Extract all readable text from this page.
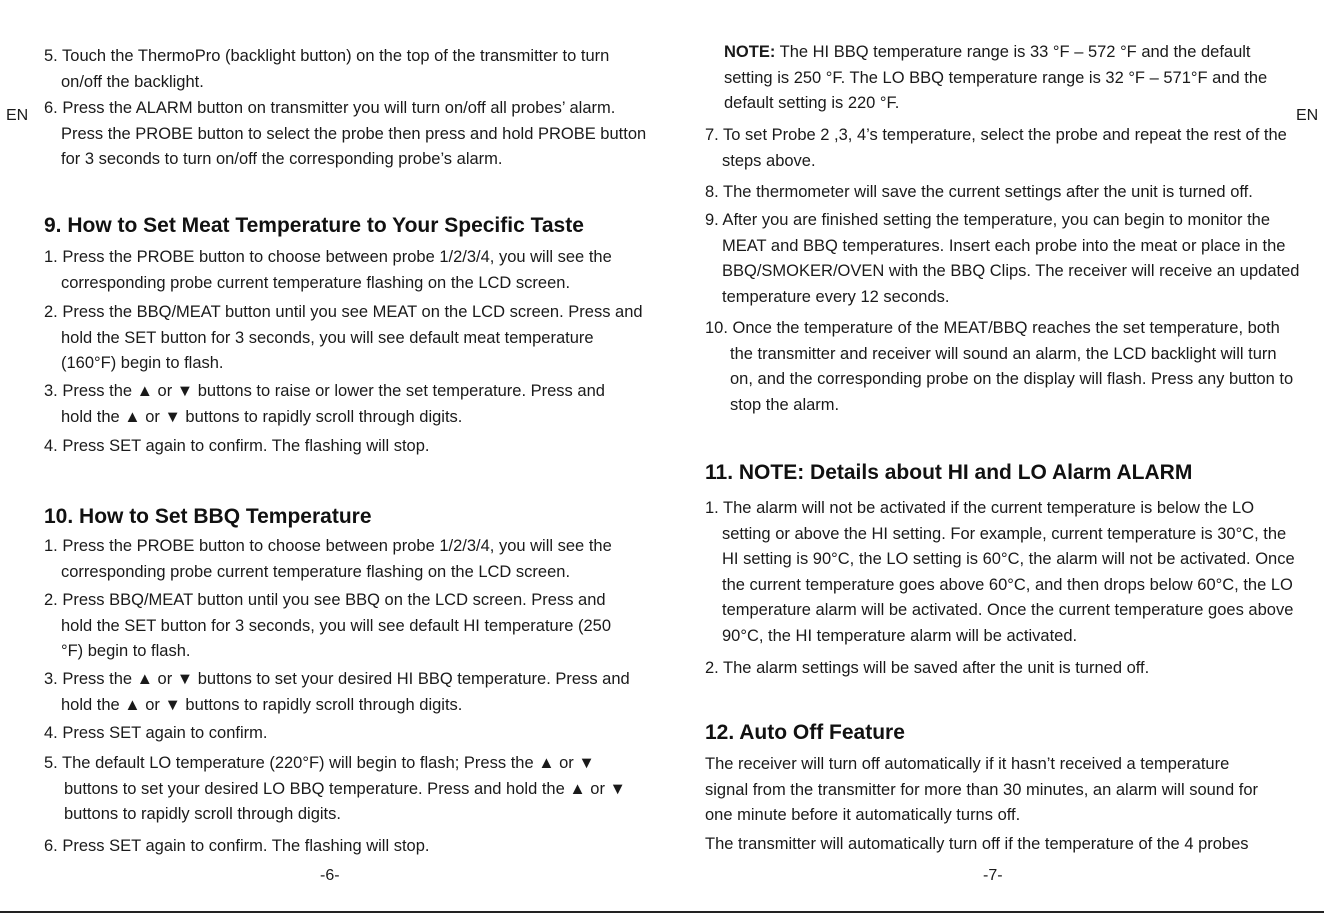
EN

5. Touch the ThermoPro (backlight button) on the top of the transmitter to turn on/off the backlight.

6. Press the ALARM button on transmitter you will turn on/off all probes’ alarm. Press the PROBE button to select the probe then press and hold PROBE button for 3 seconds to turn on/off the corresponding probe’s alarm.

9. How to Set Meat Temperature to Your Specific Taste

1. Press the PROBE button to choose between probe 1/2/3/4, you will see the corresponding probe current temperature flashing on the LCD screen.

2. Press the BBQ/MEAT button until you see MEAT on the LCD screen. Press and hold the SET button for 3 seconds, you will see default meat temperature (160°F) begin to flash.

3. Press the ▲ or ▼ buttons to raise or lower the set temperature. Press and hold the ▲ or ▼ buttons to rapidly scroll through digits.

4. Press SET again to confirm. The flashing will stop.

10. How to Set BBQ Temperature

1. Press the PROBE button to choose between probe 1/2/3/4, you will see the corresponding probe current temperature flashing on the LCD screen.

2. Press BBQ/MEAT button until you see BBQ on the LCD screen. Press and hold the SET button for 3 seconds, you will see default HI temperature (250 °F) begin to flash.

3. Press the ▲ or ▼ buttons to set your desired HI BBQ temperature. Press and hold the ▲ or ▼ buttons to rapidly scroll through digits.

4. Press SET again to confirm.

5. The default LO temperature (220°F) will begin to flash; Press the ▲ or ▼ buttons to set your desired LO BBQ temperature. Press and hold the ▲ or ▼ buttons to rapidly scroll through digits.

6. Press SET again to confirm. The flashing will stop.

-6-
EN

NOTE: The HI BBQ temperature range is 33 °F – 572 °F and the default setting is 250 °F. The LO BBQ temperature range is 32 °F – 571°F and the default setting is 220 °F.

7. To set Probe 2 ,3, 4’s temperature, select the probe and repeat the rest of the steps above.

8. The thermometer will save the current settings after the unit is turned off.

9. After you are finished setting the temperature, you can begin to monitor the MEAT and BBQ temperatures. Insert each probe into the meat or place in the BBQ/SMOKER/OVEN with the BBQ Clips. The receiver will receive an updated temperature every 12 seconds.

10. Once the temperature of the MEAT/BBQ reaches the set temperature, both the transmitter and receiver will sound an alarm, the LCD backlight will turn on, and the corresponding probe on the display will flash. Press any button to stop the alarm.

11. NOTE: Details about HI and LO Alarm ALARM

1. The alarm will not be activated if the current temperature is below the LO setting or above the HI setting. For example, current temperature is 30°C, the HI setting is 90°C, the LO setting is 60°C, the alarm will not be activated. Once the current temperature goes above 60°C, and then drops below 60°C, the LO temperature alarm will be activated. Once the current temperature goes above 90°C, the HI temperature alarm will be activated.

2. The alarm settings will be saved after the unit is turned off.

12. Auto Off Feature

The receiver will turn off automatically if it hasn’t received a temperature signal from the transmitter for more than 30 minutes, an alarm will sound for one minute before it automatically turns off.

The transmitter will automatically turn off if the temperature of the 4 probes

-7-
